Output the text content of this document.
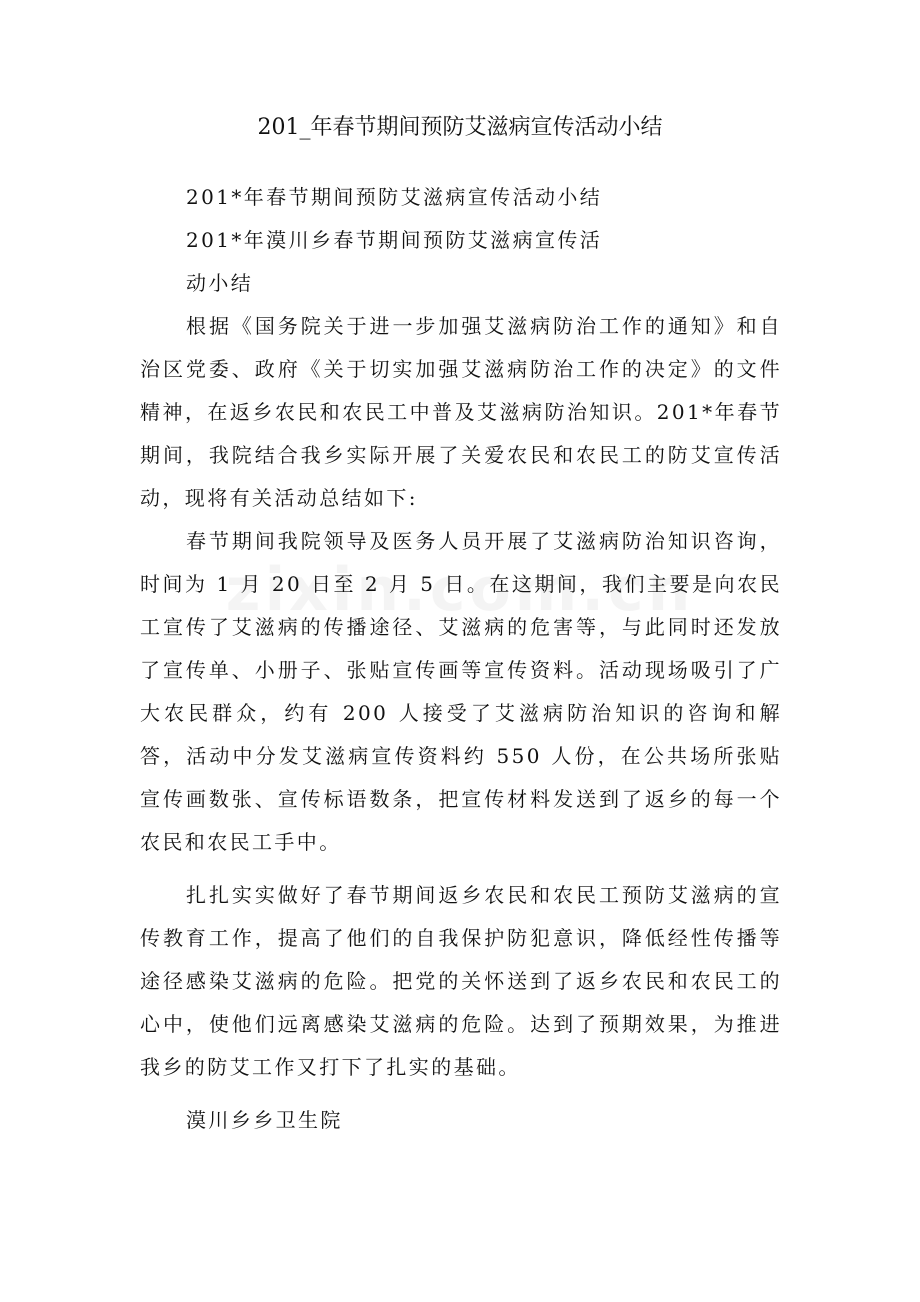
201_年春节期间预防艾滋病宣传活动小结
201*年春节期间预防艾滋病宣传活动小结
201*年漠川乡春节期间预防艾滋病宣传活
动小结
根据《国务院关于进一步加强艾滋病防治工作的通知》和自治区党委、政府《关于切实加强艾滋病防治工作的决定》的文件精神，在返乡农民和农民工中普及艾滋病防治知识。201*年春节期间，我院结合我乡实际开展了关爱农民和农民工的防艾宣传活动，现将有关活动总结如下:
春节期间我院领导及医务人员开展了艾滋病防治知识咨询，时间为 1 月 20 日至 2 月 5 日。在这期间，我们主要是向农民工宣传了艾滋病的传播途径、艾滋病的危害等，与此同时还发放了宣传单、小册子、张贴宣传画等宣传资料。活动现场吸引了广大农民群众，约有 200 人接受了艾滋病防治知识的咨询和解答，活动中分发艾滋病宣传资料约 550 人份，在公共场所张贴宣传画数张、宣传标语数条，把宣传材料发送到了返乡的每一个农民和农民工手中。
扎扎实实做好了春节期间返乡农民和农民工预防艾滋病的宣传教育工作，提高了他们的自我保护防犯意识，降低经性传播等途径感染艾滋病的危险。把党的关怀送到了返乡农民和农民工的心中，使他们远离感染艾滋病的危险。达到了预期效果，为推进我乡的防艾工作又打下了扎实的基础。
漠川乡乡卫生院
